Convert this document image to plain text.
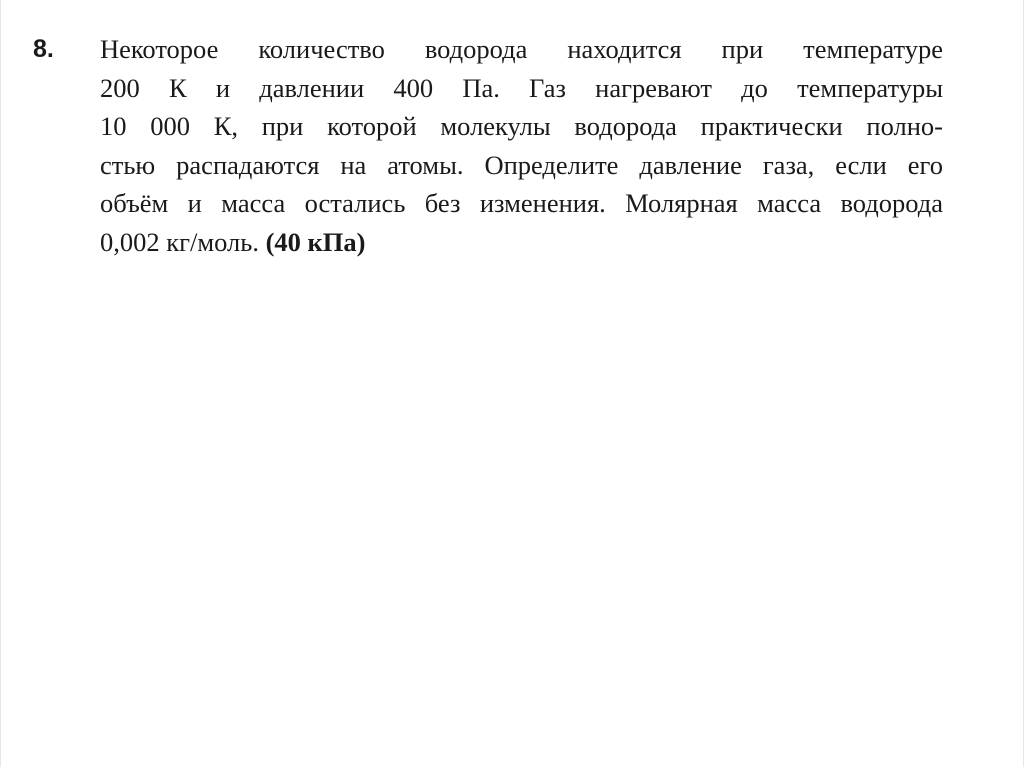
8. Некоторое количество водорода находится при температуре
200 К и давлении 400 Па. Газ нагревают до температуры
10 000 К, при которой молекулы водорода практически полно-
стью распадаются на атомы. Определите давление газа, если его
объём и масса остались без изменения. Молярная масса водорода
0,002 кг/моль. (40 кПа)
